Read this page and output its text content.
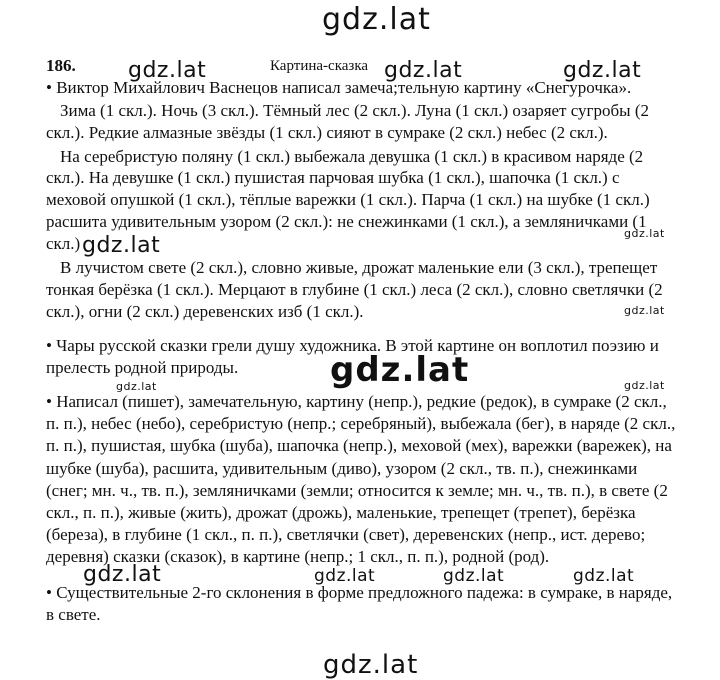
gdz.lat
gdz.lat	gdz.lat	gdz.lat
gdz.lat	gdz.lat
gdz.lat
gdz.lat
gdz.lat	gdz.lat
gdz.lat	gdz.lat	gdz.lat	gdz.lat
gdz.lat
186.	Картина-сказка
• Виктор Михайлович Васнецов написал замеча;тельную картину «Снегурочка».
Зима (1 скл.). Ночь (3 скл.). Тёмный лес (2 скл.). Луна (1 скл.) озаряет сугробы (2
скл.). Редкие алмазные звёзды (1 скл.) сияют в сумраке (2 скл.) небес (2 скл.).
На серебристую поляну (1 скл.) выбежала девушка (1 скл.) в красивом наряде (2
скл.). На девушке (1 скл.) пушистая парчовая шубка (1 скл.), шапочка (1 скл.) с
меховой опушкой (1 скл.), тёплые варежки (1 скл.). Парча (1 скл.) на шубке (1 скл.)
расшита удивительным узором (2 скл.): не снежинками (1 скл.), а земляничками (1
скл.)
В лучистом свете (2 скл.), словно живые, дрожат маленькие ели (3 скл.), трепещет
тонкая берёзка (1 скл.). Мерцают в глубине (1 скл.) леса (2 скл.), словно светлячки (2
скл.), огни (2 скл.) деревенских изб (1 скл.).
• Чары русской сказки грели душу художника. В этой картине он воплотил поэзию и
прелесть родной природы.
• Написал (пишет), замечательную, картину (непр.), редкие (редок), в сумраке (2 скл.,
п. п.), небес (небо), серебристую (непр.; серебряный), выбежала (бег), в наряде (2 скл.,
п. п.), пушистая, шубка (шуба), шапочка (непр.), меховой (мех), варежки (варежек), на
шубке (шуба), расшита, удивительным (диво), узором (2 скл., тв. п.), снежинками
(снег; мн. ч., тв. п.), земляничками (земли; относится к земле; мн. ч., тв. п.), в свете (2
скл., п. п.), живые (жить), дрожат (дрожь), маленькие, трепещет (трепет), берёзка
(береза), в глубине (1 скл., п. п.), светлячки (свет), деревенских (непр., ист. дерево;
деревня) сказки (сказок), в картине (непр.; 1 скл., п. п.), родной (род).
• Существительные 2-го склонения в форме предложного падежа: в сумраке, в наряде,
в свете.
